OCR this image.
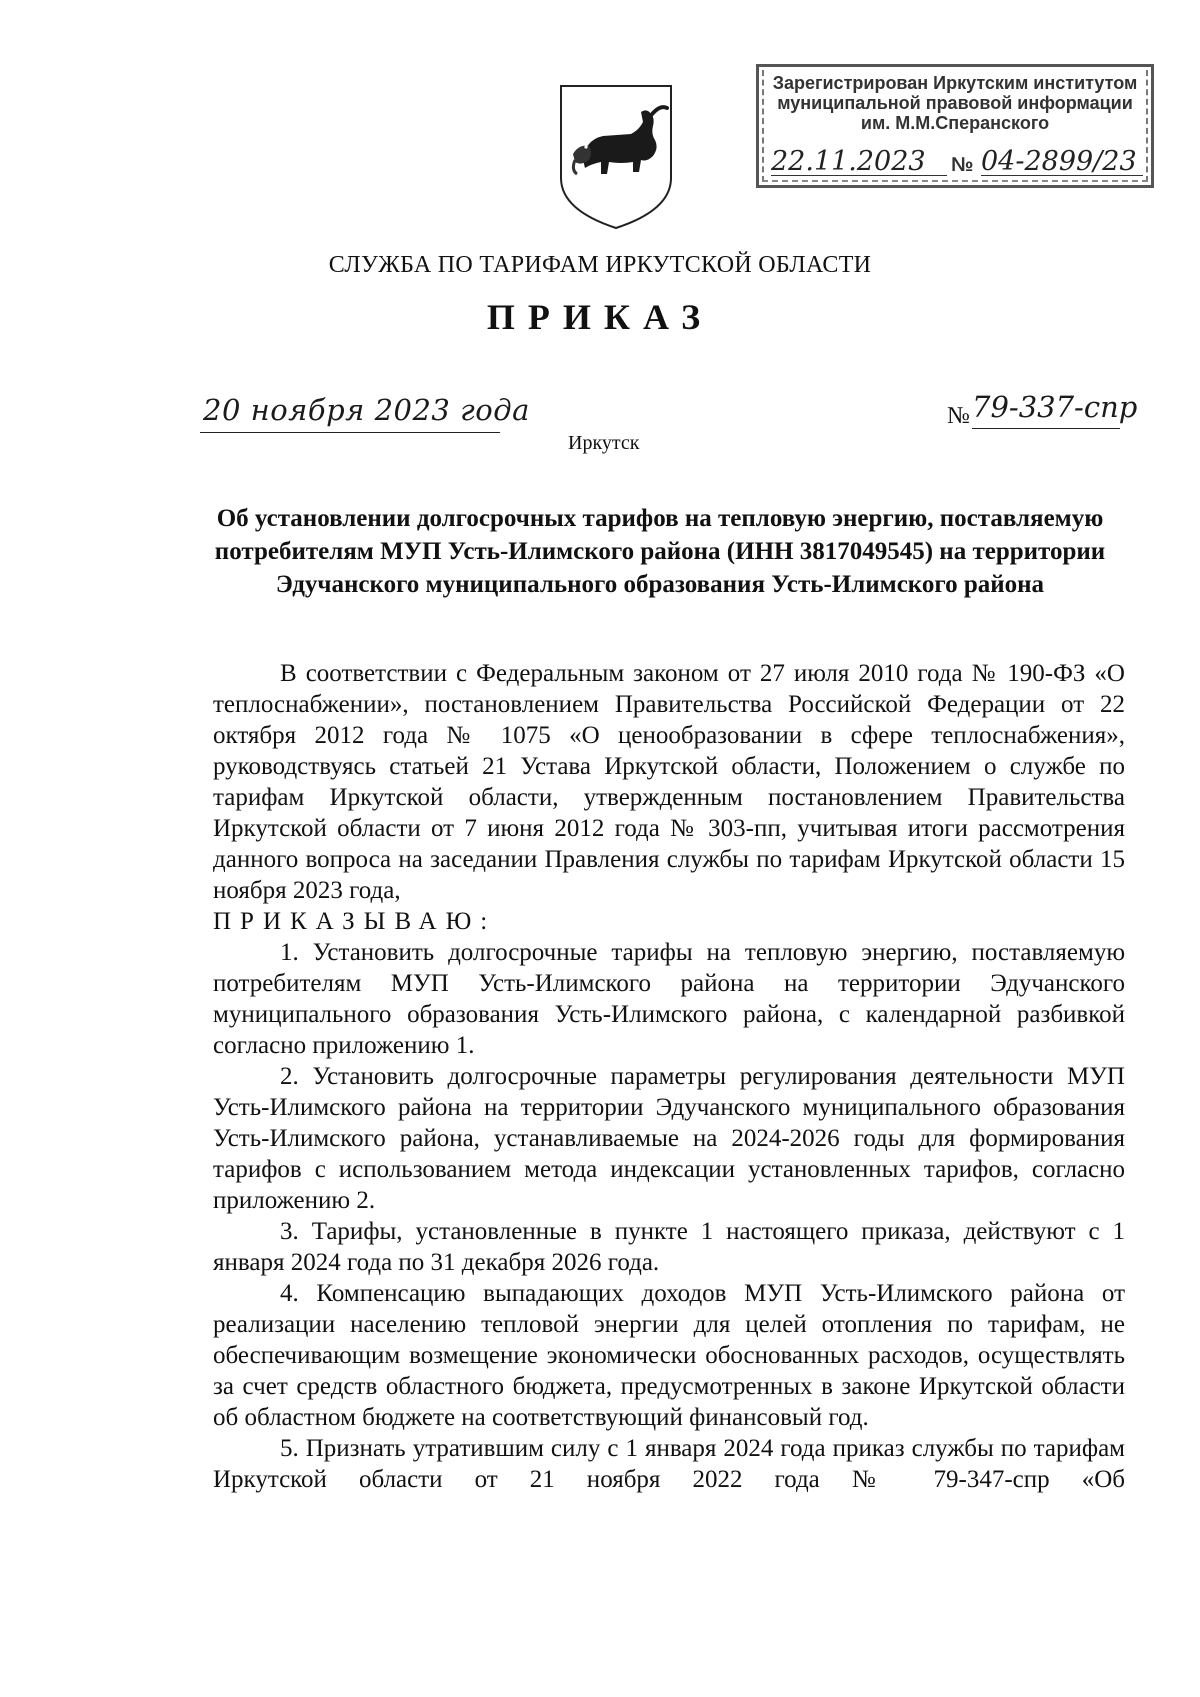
Зарегистрирован Иркутским институтом
муниципальной правовой информации
им. М.М.Сперанского
22.11.2023 № 04-2899/23
СЛУЖБА ПО ТАРИФАМ ИРКУТСКОЙ ОБЛАСТИ
ПРИКАЗ
20 ноября 2023 года	№ 79-337-спр
Иркутск
Об установлении долгосрочных тарифов на тепловую энергию, поставляемую потребителям МУП Усть-Илимского района (ИНН 3817049545) на территории Эдучанского муниципального образования Усть-Илимского района

В соответствии с Федеральным законом от 27 июля 2010 года № 190-ФЗ «О теплоснабжении», постановлением Правительства Российской Федерации от 22 октября 2012 года № 1075 «О ценообразовании в сфере теплоснабжения», руководствуясь статьей 21 Устава Иркутской области, Положением о службе по тарифам Иркутской области, утвержденным постановлением Правительства Иркутской области от 7 июня 2012 года № 303-пп, учитывая итоги рассмотрения данного вопроса на заседании Правления службы по тарифам Иркутской области 15 ноября 2023 года,

ПРИКАЗЫВАЮ:

1. Установить долгосрочные тарифы на тепловую энергию, поставляемую потребителям МУП Усть-Илимского района на территории Эдучанского муниципального образования Усть-Илимского района, с календарной разбивкой согласно приложению 1.

2. Установить долгосрочные параметры регулирования деятельности МУП Усть-Илимского района на территории Эдучанского муниципального образования Усть-Илимского района, устанавливаемые на 2024-2026 годы для формирования тарифов с использованием метода индексации установленных тарифов, согласно приложению 2.

3. Тарифы, установленные в пункте 1 настоящего приказа, действуют с 1 января 2024 года по 31 декабря 2026 года.

4. Компенсацию выпадающих доходов МУП Усть-Илимского района от реализации населению тепловой энергии для целей отопления по тарифам, не обеспечивающим возмещение экономически обоснованных расходов, осуществлять за счет средств областного бюджета, предусмотренных в законе Иркутской области об областном бюджете на соответствующий финансовый год.

5. Признать утратившим силу с 1 января 2024 года приказ службы по тарифам Иркутской области от 21 ноября 2022 года № 79-347-спр «Об
